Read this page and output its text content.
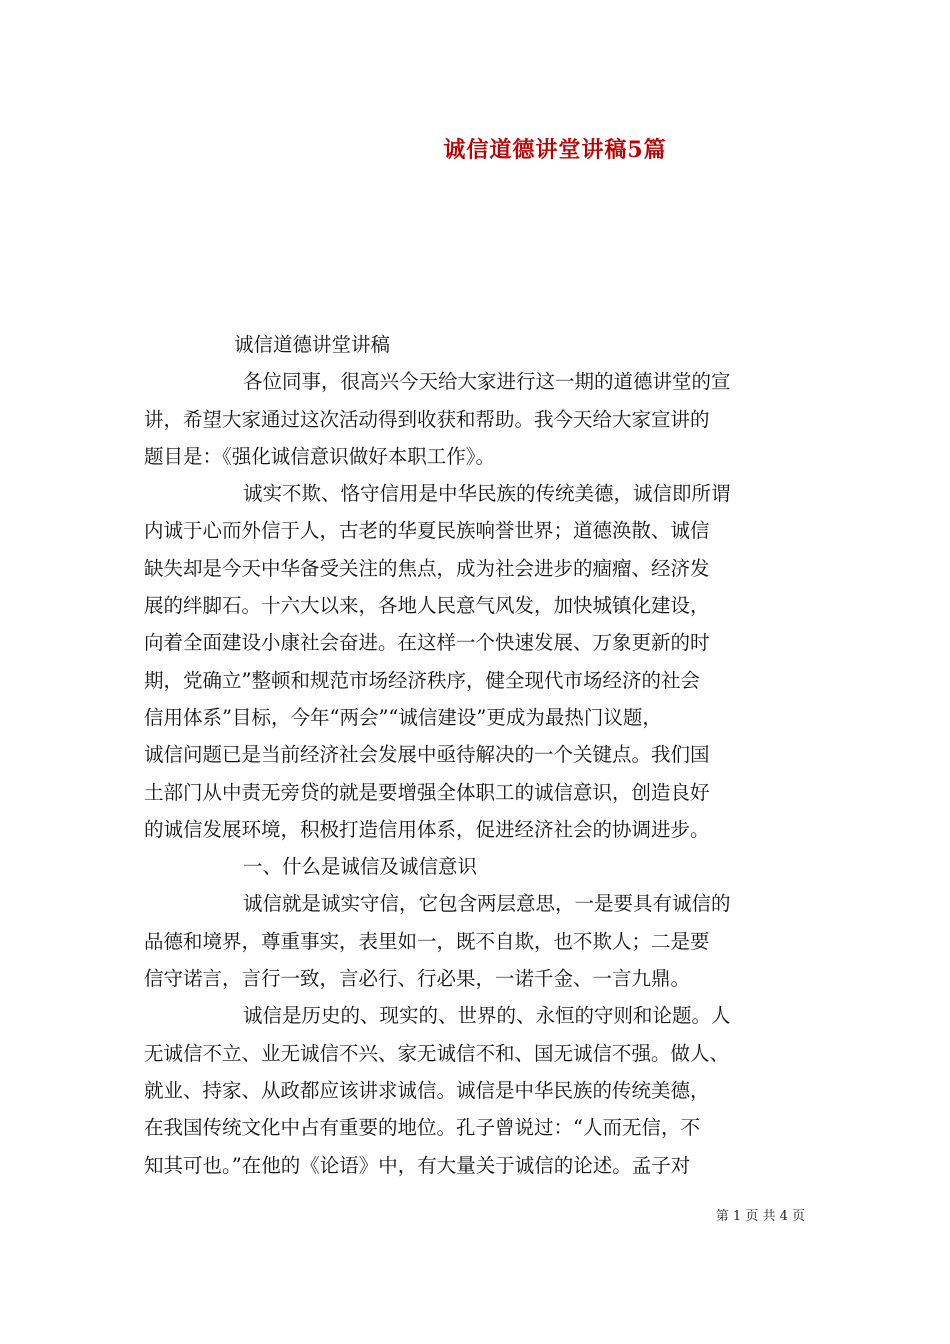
诚信道德讲堂讲稿5篇
诚信道德讲堂讲稿
各位同事，很高兴今天给大家进行这一期的道德讲堂的宣
讲，希望大家通过这次活动得到收获和帮助。我今天给大家宣讲的
题目是：《强化诚信意识做好本职工作》。
诚实不欺、恪守信用是中华民族的传统美德，诚信即所谓
内诚于心而外信于人，古老的华夏民族响誉世界；道德涣散、诚信
缺失却是今天中华备受关注的焦点，成为社会进步的痼瘤、经济发
展的绊脚石。十六大以来，各地人民意气风发，加快城镇化建设，
向着全面建设小康社会奋进。在这样一个快速发展、万象更新的时
期，党确立”整顿和规范市场经济秩序，健全现代市场经济的社会
信用体系”目标，今年“两会”“诚信建设”更成为最热门议题，
诚信问题已是当前经济社会发展中亟待解决的一个关键点。我们国
土部门从中责无旁贷的就是要增强全体职工的诚信意识，创造良好
的诚信发展环境，积极打造信用体系，促进经济社会的协调进步。
一、什么是诚信及诚信意识
诚信就是诚实守信，它包含两层意思，一是要具有诚信的
品德和境界，尊重事实，表里如一，既不自欺，也不欺人；二是要
信守诺言，言行一致，言必行、行必果，一诺千金、一言九鼎。
诚信是历史的、现实的、世界的、永恒的守则和论题。人
无诚信不立、业无诚信不兴、家无诚信不和、国无诚信不强。做人、
就业、持家、从政都应该讲求诚信。诚信是中华民族的传统美德，
在我国传统文化中占有重要的地位。孔子曾说过：“人而无信，不
知其可也。”在他的《论语》中，有大量关于诚信的论述。孟子对
第 1 页 共 4 页
